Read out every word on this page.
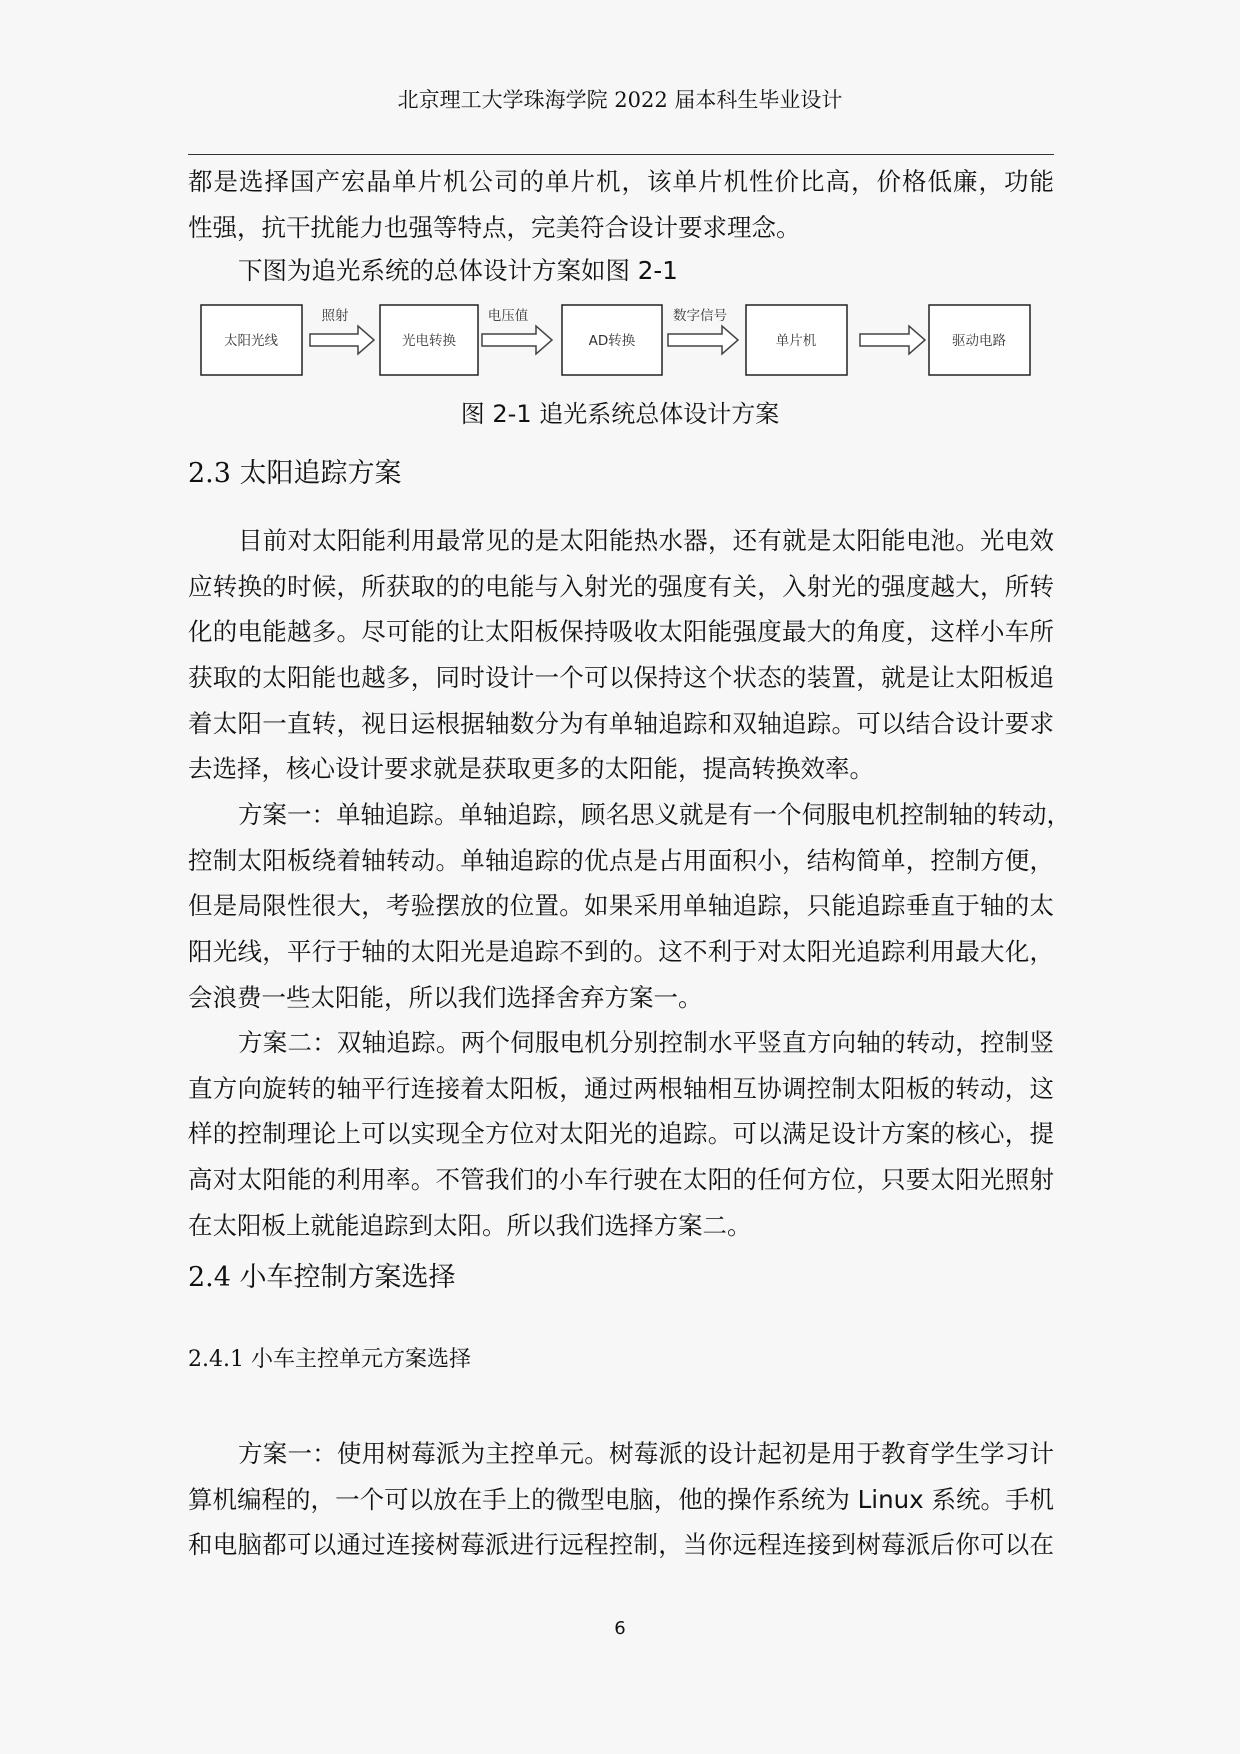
北京理工大学珠海学院 2022 届本科生毕业设计
都是选择国产宏晶单片机公司的单片机，该单片机性价比高，价格低廉，功能
性强，抗干扰能力也强等特点，完美符合设计要求理念。
下图为追光系统的总体设计方案如图 2-1
太阳光线	光电转换	AD转换	单片机	驱动电路
照射	电压值	数字信号
图 2-1 追光系统总体设计方案
2.3 太阳追踪方案
目前对太阳能利用最常见的是太阳能热水器，还有就是太阳能电池。光电效
应转换的时候，所获取的的电能与入射光的强度有关，入射光的强度越大，所转
化的电能越多。尽可能的让太阳板保持吸收太阳能强度最大的角度，这样小车所
获取的太阳能也越多，同时设计一个可以保持这个状态的装置，就是让太阳板追
着太阳一直转，视日运根据轴数分为有单轴追踪和双轴追踪。可以结合设计要求
去选择，核心设计要求就是获取更多的太阳能，提高转换效率。
方案一：单轴追踪。单轴追踪，顾名思义就是有一个伺服电机控制轴的转动，
控制太阳板绕着轴转动。单轴追踪的优点是占用面积小，结构简单，控制方便，
但是局限性很大，考验摆放的位置。如果采用单轴追踪，只能追踪垂直于轴的太
阳光线，平行于轴的太阳光是追踪不到的。这不利于对太阳光追踪利用最大化，
会浪费一些太阳能，所以我们选择舍弃方案一。
方案二：双轴追踪。两个伺服电机分别控制水平竖直方向轴的转动，控制竖
直方向旋转的轴平行连接着太阳板，通过两根轴相互协调控制太阳板的转动，这
样的控制理论上可以实现全方位对太阳光的追踪。可以满足设计方案的核心，提
高对太阳能的利用率。不管我们的小车行驶在太阳的任何方位，只要太阳光照射
在太阳板上就能追踪到太阳。所以我们选择方案二。
2.4 小车控制方案选择
2.4.1 小车主控单元方案选择
方案一：使用树莓派为主控单元。树莓派的设计起初是用于教育学生学习计
算机编程的，一个可以放在手上的微型电脑，他的操作系统为 Linux 系统。手机
和电脑都可以通过连接树莓派进行远程控制，当你远程连接到树莓派后你可以在
6
